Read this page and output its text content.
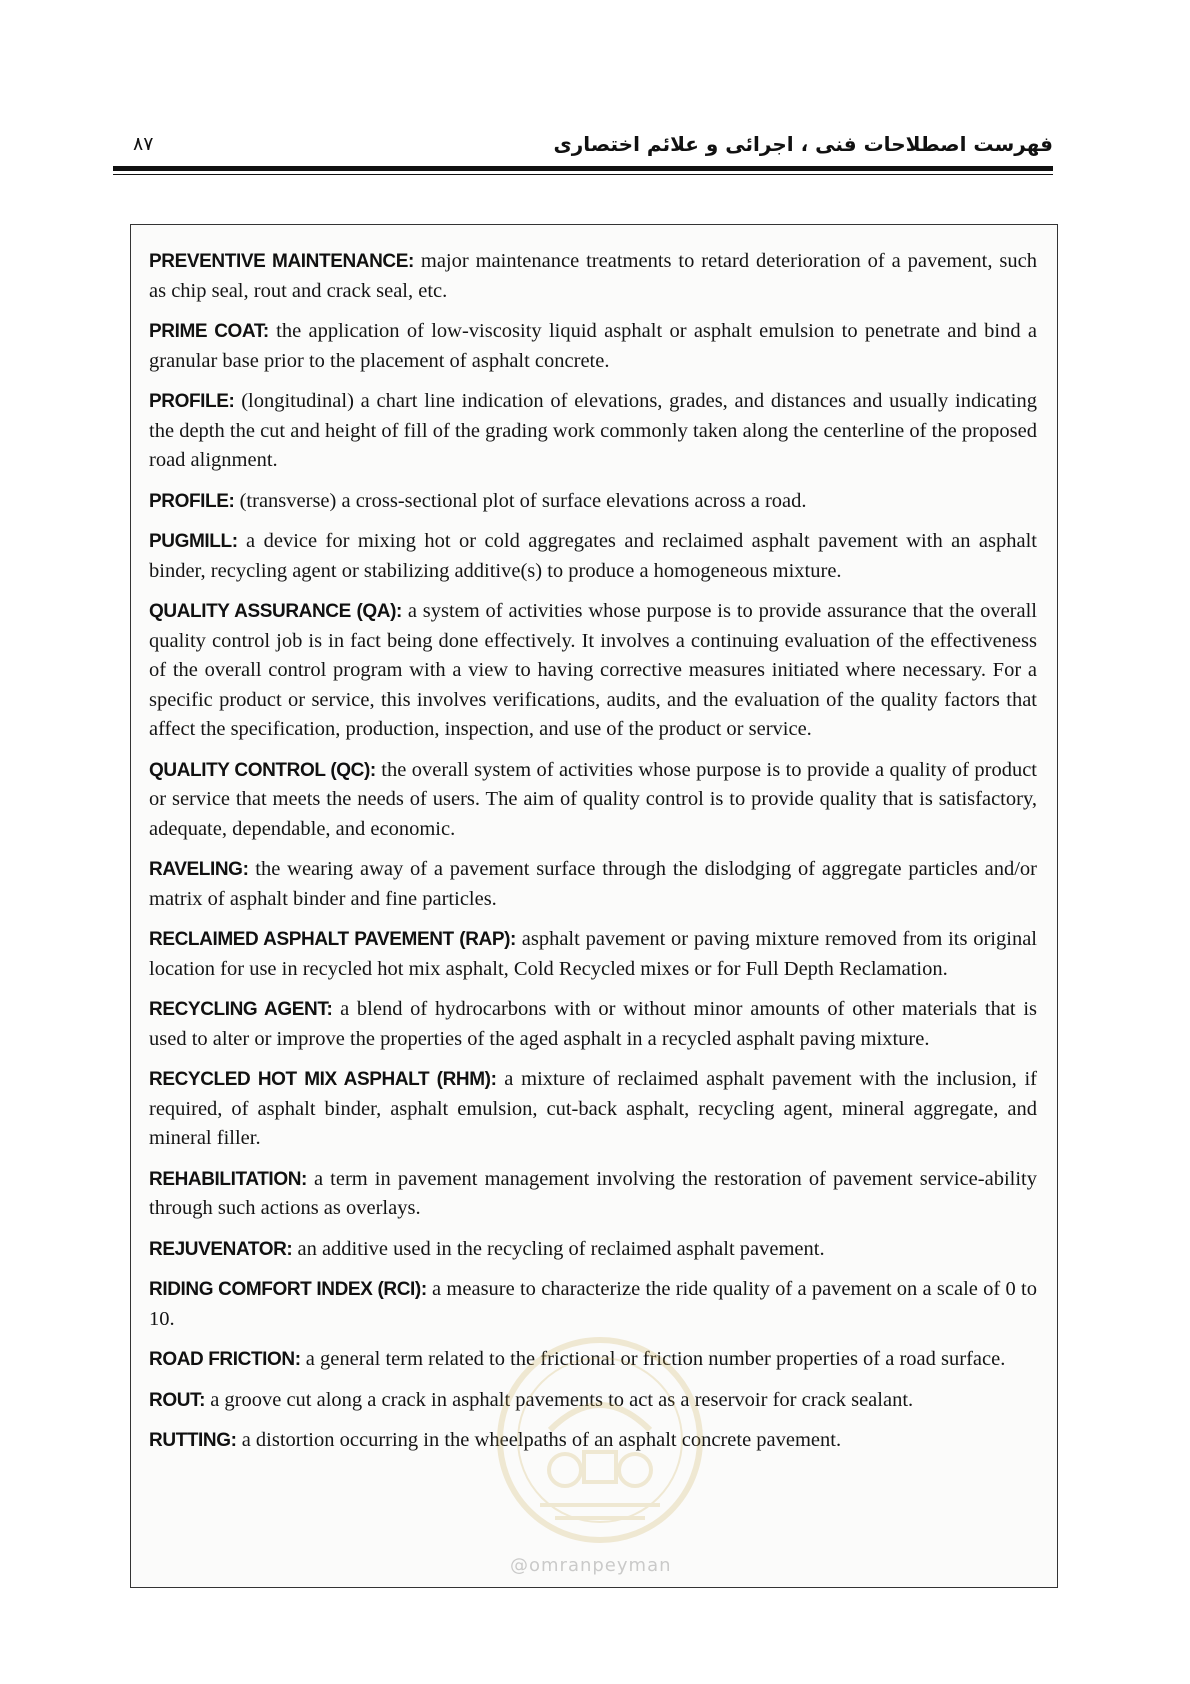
فهرست اصطلاحات فنی ، اجرائی و علائم اختصاری
۸۷

PREVENTIVE MAINTENANCE: major maintenance treatments to retard deterioration of a pavement, such as chip seal, rout and crack seal, etc.

PRIME COAT: the application of low-viscosity liquid asphalt or asphalt emulsion to penetrate and bind a granular base prior to the placement of asphalt concrete.

PROFILE: (longitudinal) a chart line indication of elevations, grades, and distances and usually indicating the depth the cut and height of fill of the grading work commonly taken along the centerline of the proposed road alignment.

PROFILE: (transverse) a cross-sectional plot of surface elevations across a road.

PUGMILL: a device for mixing hot or cold aggregates and reclaimed asphalt pavement with an asphalt binder, recycling agent or stabilizing additive(s) to produce a homogeneous mixture.

QUALITY ASSURANCE (QA): a system of activities whose purpose is to provide assurance that the overall quality control job is in fact being done effectively. It involves a continuing evaluation of the effectiveness of the overall control program with a view to having corrective measures initiated where necessary. For a specific product or service, this involves verifications, audits, and the evaluation of the quality factors that affect the specification, production, inspection, and use of the product or service.

QUALITY CONTROL (QC): the overall system of activities whose purpose is to provide a quality of product or service that meets the needs of users. The aim of quality control is to provide quality that is satisfactory, adequate, dependable, and economic.

RAVELING: the wearing away of a pavement surface through the dislodging of aggregate particles and/or matrix of asphalt binder and fine particles.

RECLAIMED ASPHALT PAVEMENT (RAP): asphalt pavement or paving mixture removed from its original location for use in recycled hot mix asphalt, Cold Recycled mixes or for Full Depth Reclamation.

RECYCLING AGENT: a blend of hydrocarbons with or without minor amounts of other materials that is used to alter or improve the properties of the aged asphalt in a recycled asphalt paving mixture.

RECYCLED HOT MIX ASPHALT (RHM): a mixture of reclaimed asphalt pavement with the inclusion, if required, of asphalt binder, asphalt emulsion, cut-back asphalt, recycling agent, mineral aggregate, and mineral filler.

REHABILITATION: a term in pavement management involving the restoration of pavement service-ability through such actions as overlays.

REJUVENATOR: an additive used in the recycling of reclaimed asphalt pavement.

RIDING COMFORT INDEX (RCI): a measure to characterize the ride quality of a pavement on a scale of 0 to 10.

ROAD FRICTION: a general term related to the frictional or friction number properties of a road surface.

ROUT: a groove cut along a crack in asphalt pavements to act as a reservoir for crack sealant.

RUTTING: a distortion occurring in the wheelpaths of an asphalt concrete pavement.

@omranpeyman
